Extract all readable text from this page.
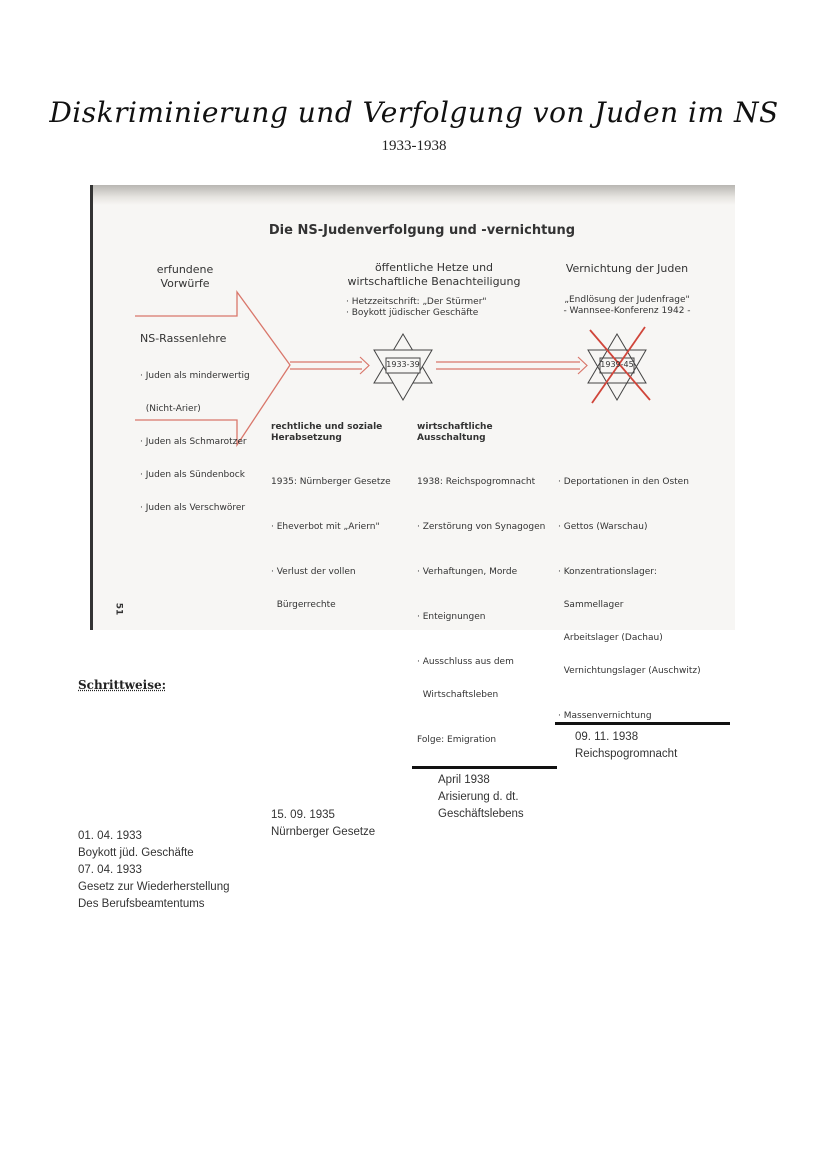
Diskriminierung und Verfolgung von Juden im NS
1933-1938
Die NS-Judenverfolgung und -vernichtung
erfundene
Vorwürfe
NS-Rassenlehre

· Juden als minderwertig

(Nicht-Arier)

· Juden als Schmarotzer

· Juden als Sündenbock

· Juden als Verschwörer

öffentliche Hetze und
wirtschaftliche Benachteiligung
· Hetzzeitschrift: „Der Stürmer"
· Boykott jüdischer Geschäfte
Vernichtung der Juden
„Endlösung der Judenfrage"
- Wannsee-Konferenz 1942 -
1933-39	1939-45
rechtliche und soziale
Herabsetzung

1935: Nürnberger Gesetze

· Eheverbot mit „Ariern"

· Verlust der vollen

Bürgerrechte

wirtschaftliche
Ausschaltung

1938: Reichspogromnacht

· Zerstörung von Synagogen

· Verhaftungen, Morde

· Enteignungen

· Ausschluss aus dem

Wirtschaftsleben

Folge: Emigration

· Deportationen in den Osten

· Gettos (Warschau)

· Konzentrationslager:

Sammellager

Arbeitslager (Dachau)

Vernichtungslager (Auschwitz)

· Massenvernichtung

51
Schrittweise:
09. 11. 1938
Reichspogromnacht
April 1938
Arisierung d. dt.
Geschäftslebens
15. 09. 1935
Nürnberger Gesetze
01. 04. 1933
Boykott jüd. Geschäfte
07. 04. 1933
Gesetz zur Wiederherstellung
Des Berufsbeamtentums
